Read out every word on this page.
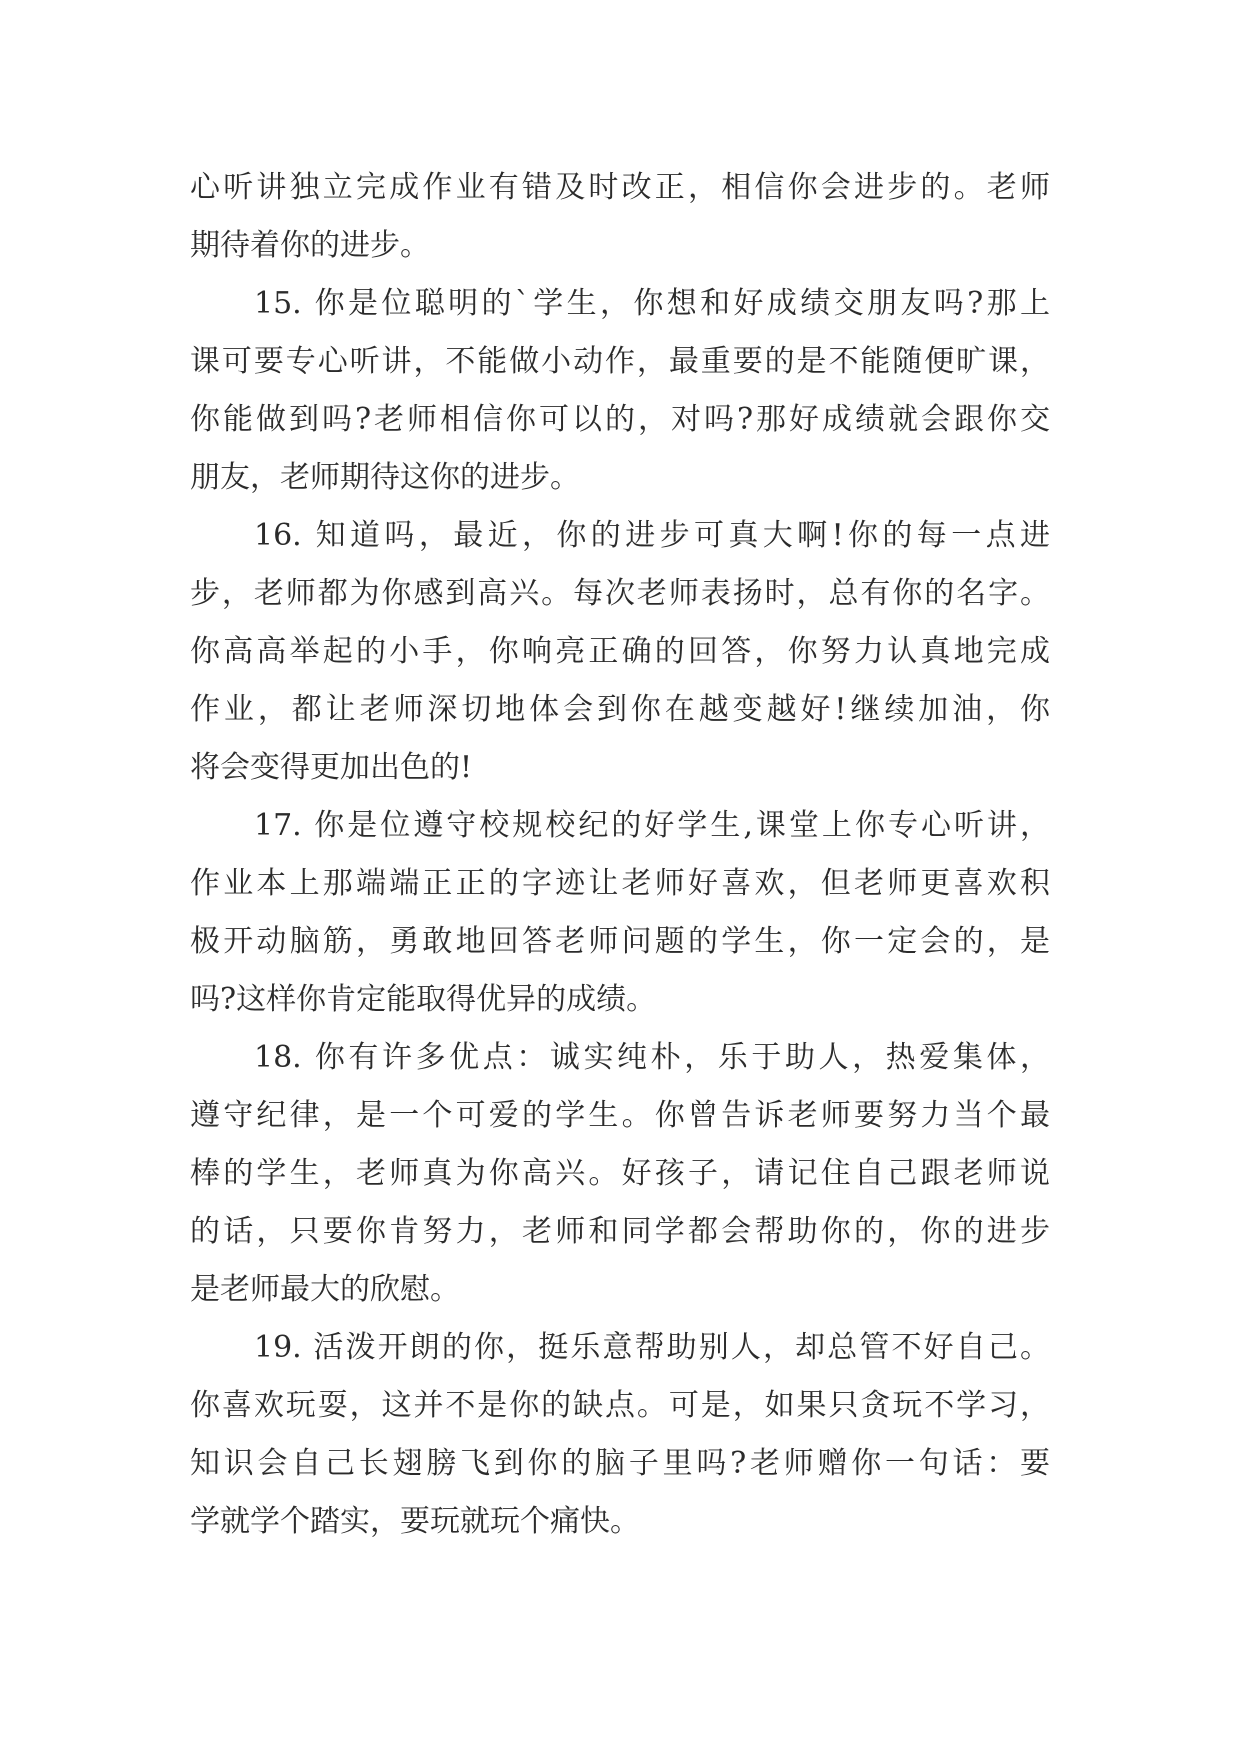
心听讲独立完成作业有错及时改正，相信你会进步的。老师
期待着你的进步。
15. 你是位聪明的`学生，你想和好成绩交朋友吗?那上
课可要专心听讲，不能做小动作，最重要的是不能随便旷课，
你能做到吗?老师相信你可以的，对吗?那好成绩就会跟你交
朋友，老师期待这你的进步。
16. 知道吗，最近，你的进步可真大啊!你的每一点进
步，老师都为你感到高兴。每次老师表扬时，总有你的名字。
你高高举起的小手，你响亮正确的回答，你努力认真地完成
作业，都让老师深切地体会到你在越变越好!继续加油，你
将会变得更加出色的!
17. 你是位遵守校规校纪的好学生,课堂上你专心听讲，
作业本上那端端正正的字迹让老师好喜欢，但老师更喜欢积
极开动脑筋，勇敢地回答老师问题的学生，你一定会的，是
吗?这样你肯定能取得优异的成绩。
18. 你有许多优点：诚实纯朴，乐于助人，热爱集体，
遵守纪律，是一个可爱的学生。你曾告诉老师要努力当个最
棒的学生，老师真为你高兴。好孩子，请记住自己跟老师说
的话，只要你肯努力，老师和同学都会帮助你的，你的进步
是老师最大的欣慰。
19. 活泼开朗的你，挺乐意帮助别人，却总管不好自己。
你喜欢玩耍，这并不是你的缺点。可是，如果只贪玩不学习，
知识会自己长翅膀飞到你的脑子里吗?老师赠你一句话：要
学就学个踏实，要玩就玩个痛快。
